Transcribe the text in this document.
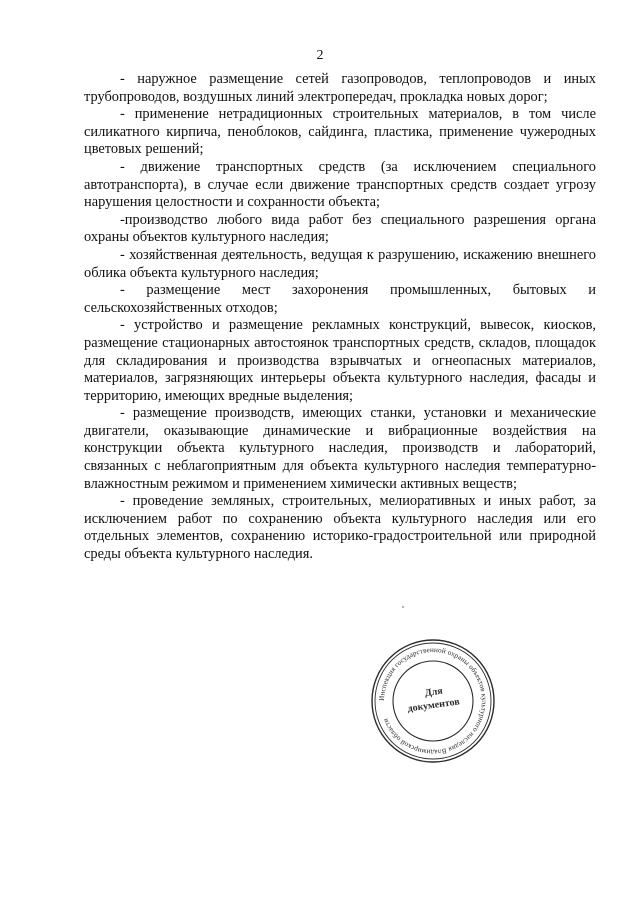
2

- наружное размещение сетей газопроводов, теплопроводов и иных трубопроводов, воздушных линий электропередач, прокладка новых дорог;

- применение нетрадиционных строительных материалов, в том числе силикатного кирпича, пеноблоков, сайдинга, пластика, применение чужеродных цветовых решений;

- движение транспортных средств (за исключением специального автотранспорта), в случае если движение транспортных средств создает угрозу нарушения целостности и сохранности объекта;

-производство любого вида работ без специального разрешения органа охраны объектов культурного наследия;

- хозяйственная деятельность, ведущая к разрушению, искажению внешнего облика объекта культурного наследия;

- размещение мест захоронения промышленных, бытовых и сельскохозяйственных отходов;

- устройство и размещение рекламных конструкций, вывесок, киосков, размещение стационарных автостоянок транспортных средств, складов, площадок для складирования и производства взрывчатых и огнеопасных материалов, материалов, загрязняющих интерьеры объекта культурного наследия, фасады и территорию, имеющих вредные выделения;

- размещение производств, имеющих станки, установки и механические двигатели, оказывающие динамические и вибрационные воздействия на конструкции объекта культурного наследия, производств и лабораторий, связанных с неблагоприятным для объекта культурного наследия температурно-влажностным режимом и применением химически активных веществ;

- проведение земляных, строительных, мелиоративных и иных работ, за исключением работ по сохранению объекта культурного наследия или его отдельных элементов, сохранению историко-градостроительной или природной среды объекта культурного наследия.

Инспекция государственной охраны объектов культурного наследия Владимирской области
Для
документов
